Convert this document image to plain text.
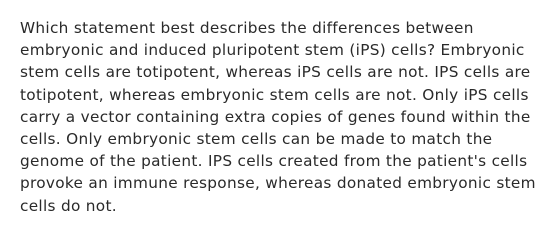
Which statement best describes the differences between
embryonic and induced pluripotent stem (iPS) cells? Embryonic
stem cells are totipotent, whereas iPS cells are not. IPS cells are
totipotent, whereas embryonic stem cells are not. Only iPS cells
carry a vector containing extra copies of genes found within the
cells. Only embryonic stem cells can be made to match the
genome of the patient. IPS cells created from the patient's cells
provoke an immune response, whereas donated embryonic stem
cells do not.
